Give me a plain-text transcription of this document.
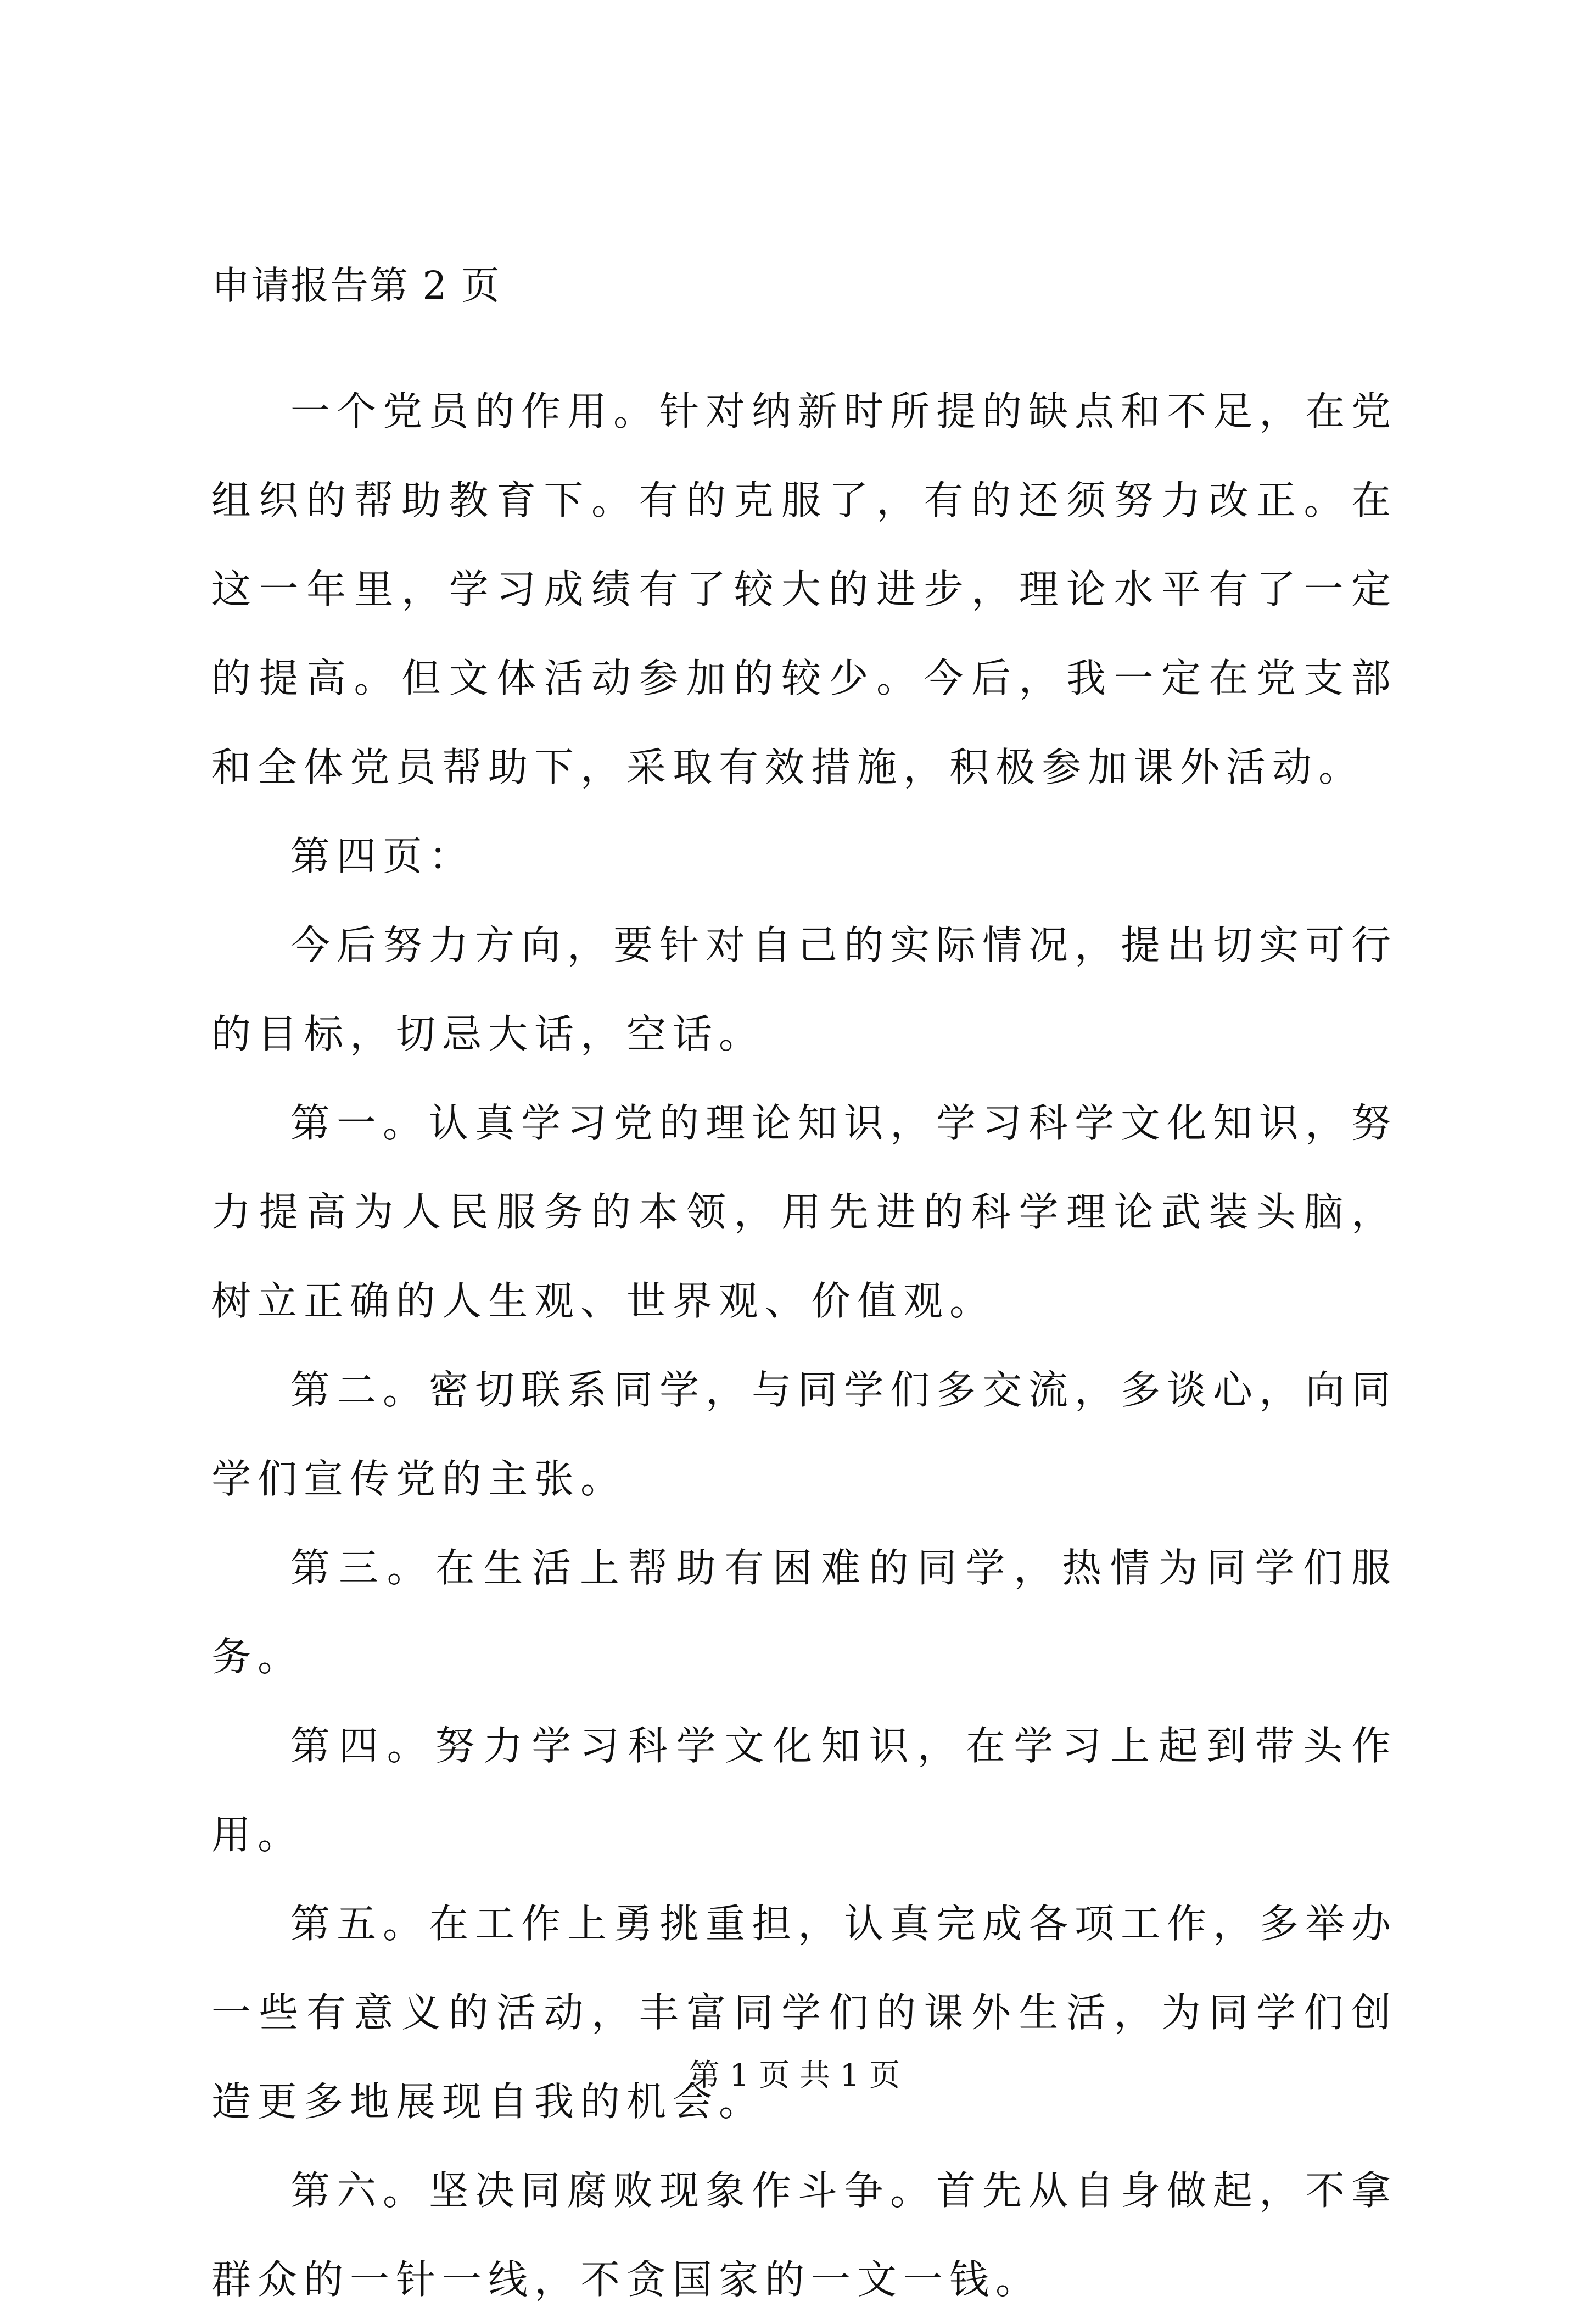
申请报告第 2 页

一个党员的作用。针对纳新时所提的缺点和不足，在党组织的帮助教育下。有的克服了，有的还须努力改正。在这一年里，学习成绩有了较大的进步，理论水平有了一定的提高。但文体活动参加的较少。今后，我一定在党支部和全体党员帮助下，采取有效措施，积极参加课外活动。

第四页：

今后努力方向，要针对自己的实际情况，提出切实可行的目标，切忌大话，空话。

第一。认真学习党的理论知识，学习科学文化知识，努力提高为人民服务的本领，用先进的科学理论武装头脑，树立正确的人生观、世界观、价值观。

第二。密切联系同学，与同学们多交流，多谈心，向同学们宣传党的主张。

第三。在生活上帮助有困难的同学，热情为同学们服务。

第四。努力学习科学文化知识，在学习上起到带头作用。

第五。在工作上勇挑重担，认真完成各项工作，多举办一些有意义的活动，丰富同学们的课外生活，为同学们创造更多地展现自我的机会。

第六。坚决同腐败现象作斗争。首先从自身做起，不拿群众的一针一线，不贪国家的一文一钱。

第 1 页 共 1 页
